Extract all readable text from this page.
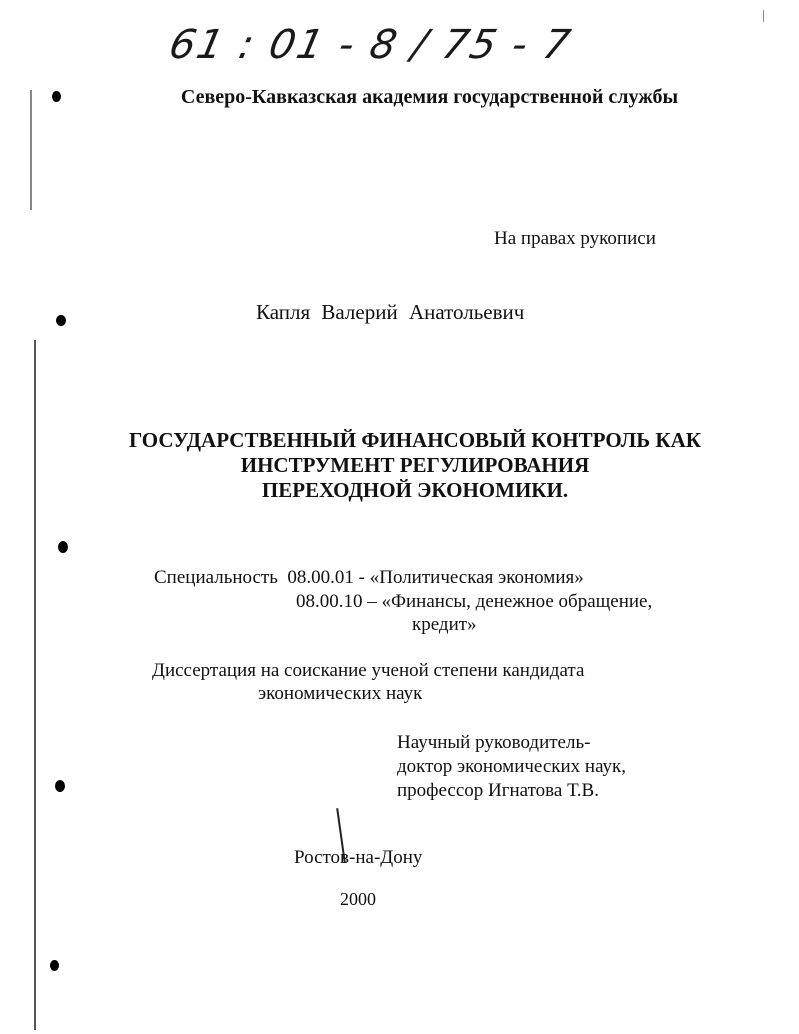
61 : 01 - 8 / 75 - 7
Северо-Кавказская академия государственной службы
На правах рукописи
Капля Валерий Анатольевич
ГОСУДАРСТВЕННЫЙ ФИНАНСОВЫЙ КОНТРОЛЬ КАК
ИНСТРУМЕНТ РЕГУЛИРОВАНИЯ
ПЕРЕХОДНОЙ ЭКОНОМИКИ.
Специальность  08.00.01 - «Политическая экономия»
08.00.10 – «Финансы, денежное обращение,
кредит»
Диссертация на соискание ученой степени кандидата
экономических наук
Научный руководитель-
доктор экономических наук,
профессор Игнатова Т.В.
Ростов-на-Дону
2000
